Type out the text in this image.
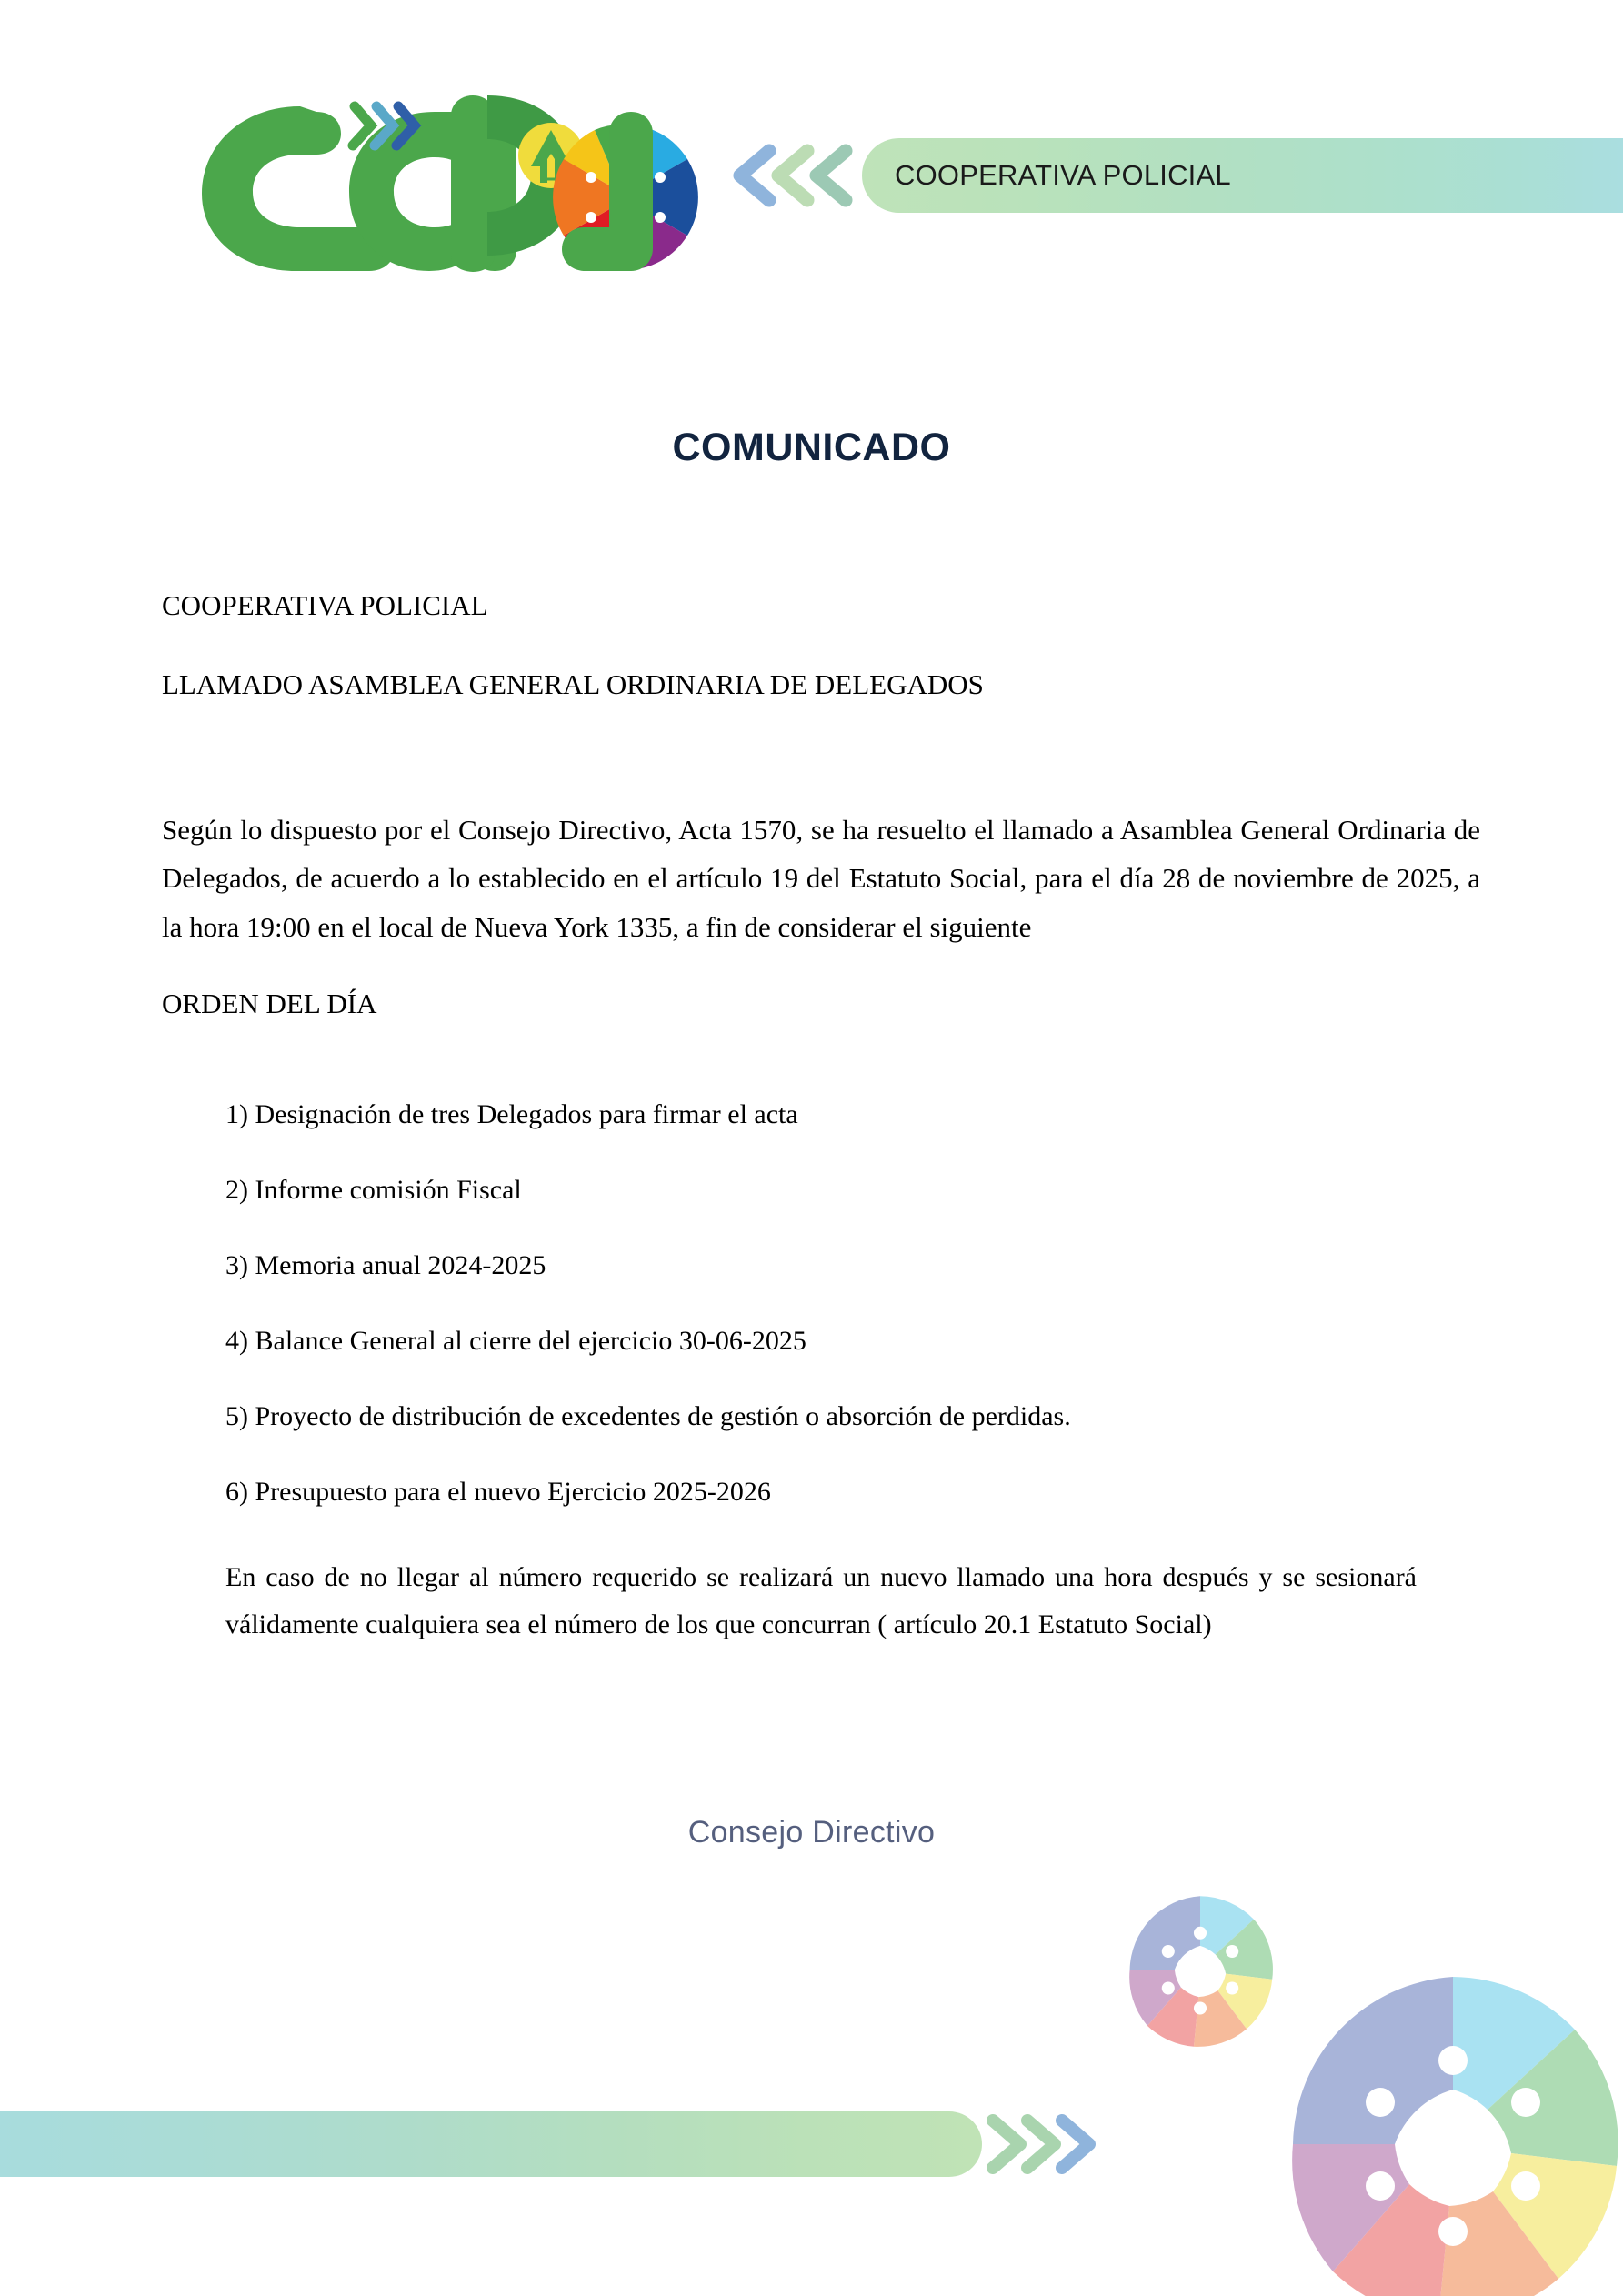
COOPERATIVA POLICIAL
COMUNICADO
COOPERATIVA POLICIAL
LLAMADO ASAMBLEA GENERAL ORDINARIA DE DELEGADOS

Según lo dispuesto por el Consejo Directivo, Acta 1570, se ha resuelto el llamado a Asamblea General Ordinaria de Delegados, de acuerdo a lo establecido en el artículo 19 del Estatuto Social, para el día 28 de noviembre de 2025, a la hora 19:00 en el local de Nueva York 1335, a fin de considerar el siguiente

ORDEN DEL DÍA
1) Designación de tres Delegados para firmar el acta
2) Informe comisión Fiscal
3) Memoria anual 2024-2025
4) Balance General al cierre del ejercicio 30-06-2025
5) Proyecto de distribución de excedentes de gestión o absorción de perdidas.
6) Presupuesto para el nuevo Ejercicio 2025-2026

En caso de no llegar al número requerido se realizará un nuevo llamado una hora después y se sesionará válidamente cualquiera sea el número de los que concurran ( artículo 20.1 Estatuto Social)

Consejo Directivo
